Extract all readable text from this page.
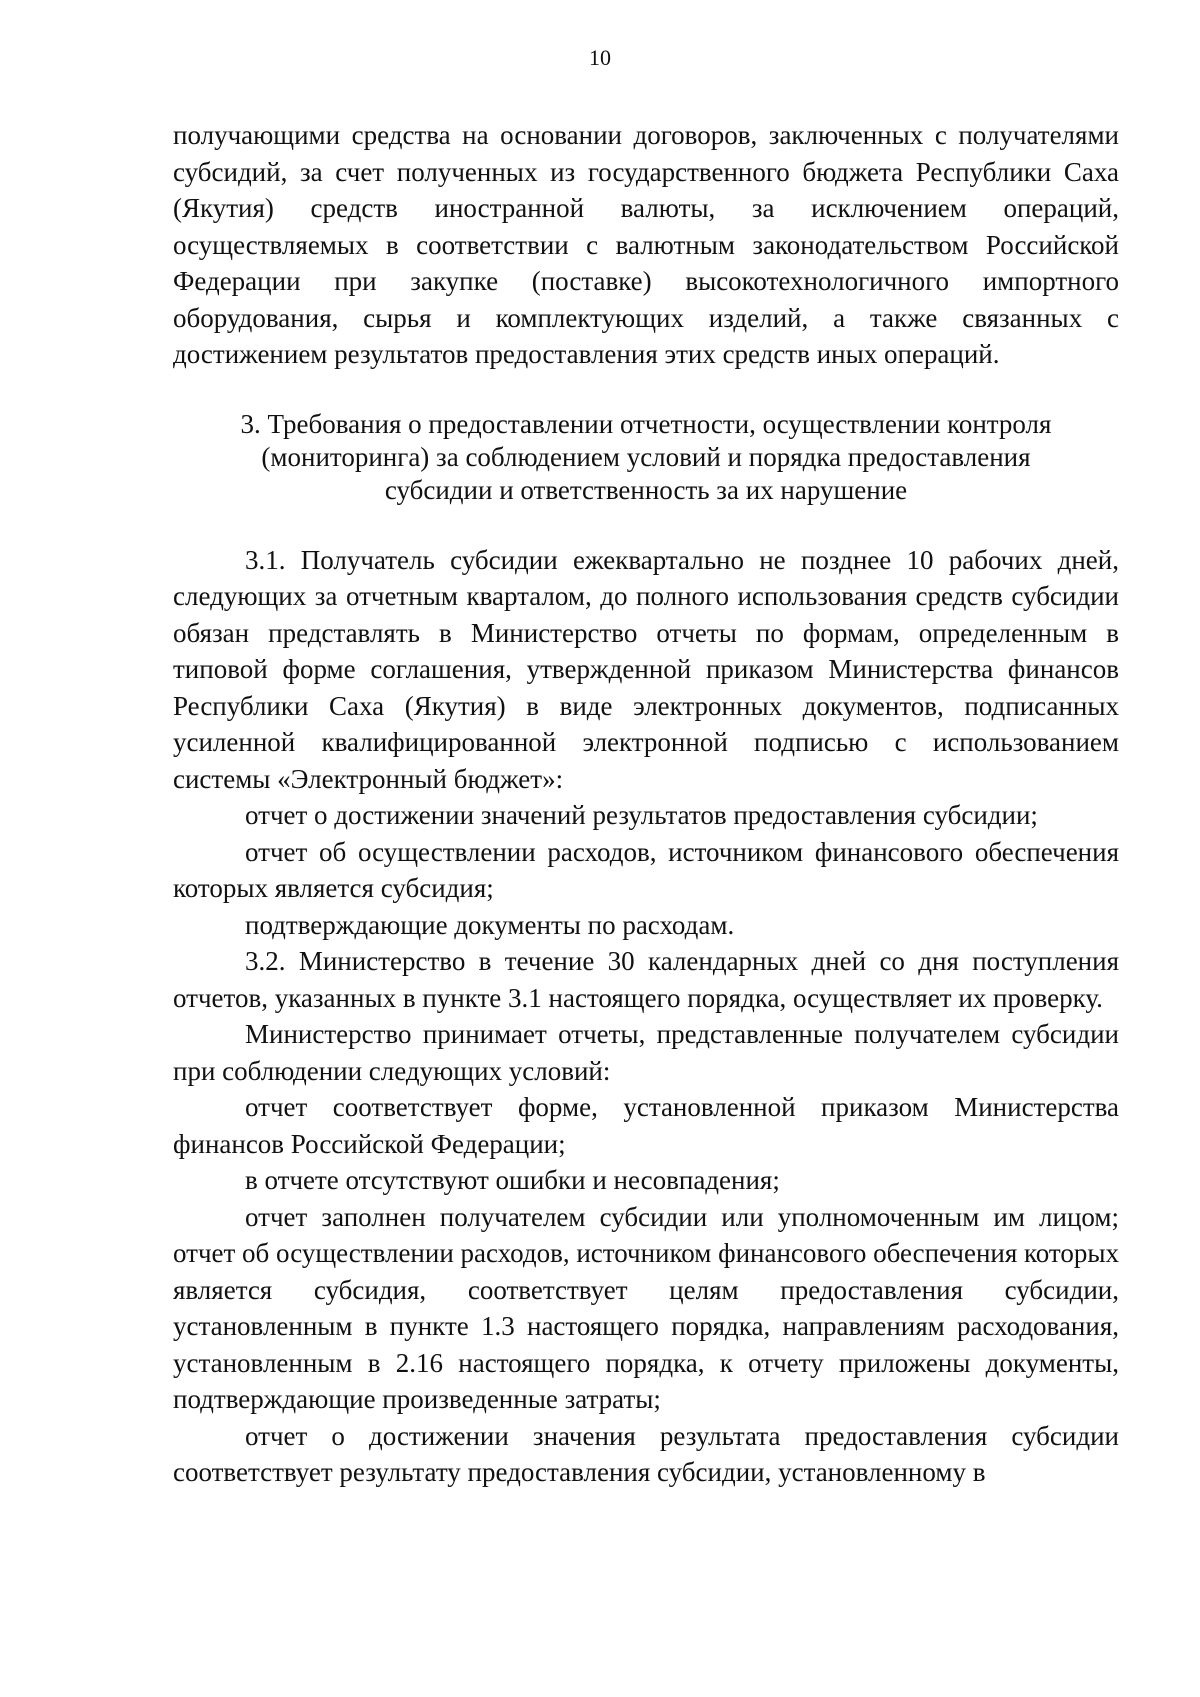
10

получающими средства на основании договоров, заключенных с получателями субсидий, за счет полученных из государственного бюджета Республики Саха (Якутия) средств иностранной валюты, за исключением операций, осуществляемых в соответствии с валютным законодательством Российской Федерации при закупке (поставке) высокотехнологичного импортного оборудования, сырья и комплектующих изделий, а также связанных с достижением результатов предоставления этих средств иных операций.

3. Требования о предоставлении отчетности, осуществлении контроля
(мониторинга) за соблюдением условий и порядка предоставления
субсидии и ответственность за их нарушение

3.1. Получатель субсидии ежеквартально не позднее 10 рабочих дней, следующих за отчетным кварталом, до полного использования средств субсидии обязан представлять в Министерство отчеты по формам, определенным в типовой форме соглашения, утвержденной приказом Министерства финансов Республики Саха (Якутия) в виде электронных документов, подписанных усиленной квалифицированной электронной подписью с использованием системы «Электронный бюджет»:

отчет о достижении значений результатов предоставления субсидии;

отчет об осуществлении расходов, источником финансового обеспечения которых является субсидия;

подтверждающие документы по расходам.

3.2. Министерство в течение 30 календарных дней со дня поступления отчетов, указанных в пункте 3.1 настоящего порядка, осуществляет их проверку.

Министерство принимает отчеты, представленные получателем субсидии при соблюдении следующих условий:

отчет соответствует форме, установленной приказом Министерства финансов Российской Федерации;

в отчете отсутствуют ошибки и несовпадения;

отчет заполнен получателем субсидии или уполномоченным им лицом; отчет об осуществлении расходов, источником финансового обеспечения которых является субсидия, соответствует целям предоставления субсидии, установленным в пункте 1.3 настоящего порядка, направлениям расходования, установленным в 2.16 настоящего порядка, к отчету приложены документы, подтверждающие произведенные затраты;

отчет о достижении значения результата предоставления субсидии соответствует результату предоставления субсидии, установленному в
